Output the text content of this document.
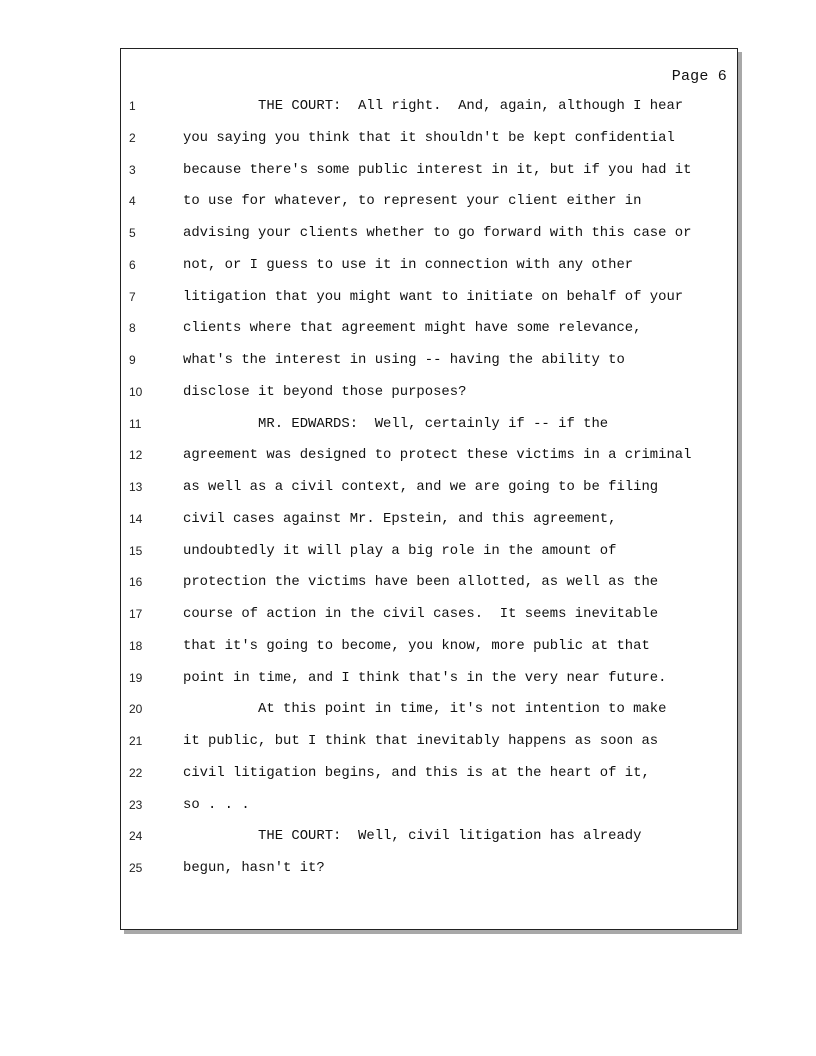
Page 6
1	THE COURT:  All right.  And, again, although I hear
2	you saying you think that it shouldn't be kept confidential
3	because there's some public interest in it, but if you had it
4	to use for whatever, to represent your client either in
5	advising your clients whether to go forward with this case or
6	not, or I guess to use it in connection with any other
7	litigation that you might want to initiate on behalf of your
8	clients where that agreement might have some relevance,
9	what's the interest in using -- having the ability to
10	disclose it beyond those purposes?
11	MR. EDWARDS:  Well, certainly if -- if the
12	agreement was designed to protect these victims in a criminal
13	as well as a civil context, and we are going to be filing
14	civil cases against Mr. Epstein, and this agreement,
15	undoubtedly it will play a big role in the amount of
16	protection the victims have been allotted, as well as the
17	course of action in the civil cases.  It seems inevitable
18	that it's going to become, you know, more public at that
19	point in time, and I think that's in the very near future.
20	At this point in time, it's not intention to make
21	it public, but I think that inevitably happens as soon as
22	civil litigation begins, and this is at the heart of it,
23	so . . .
24	THE COURT:  Well, civil litigation has already
25	begun, hasn't it?
